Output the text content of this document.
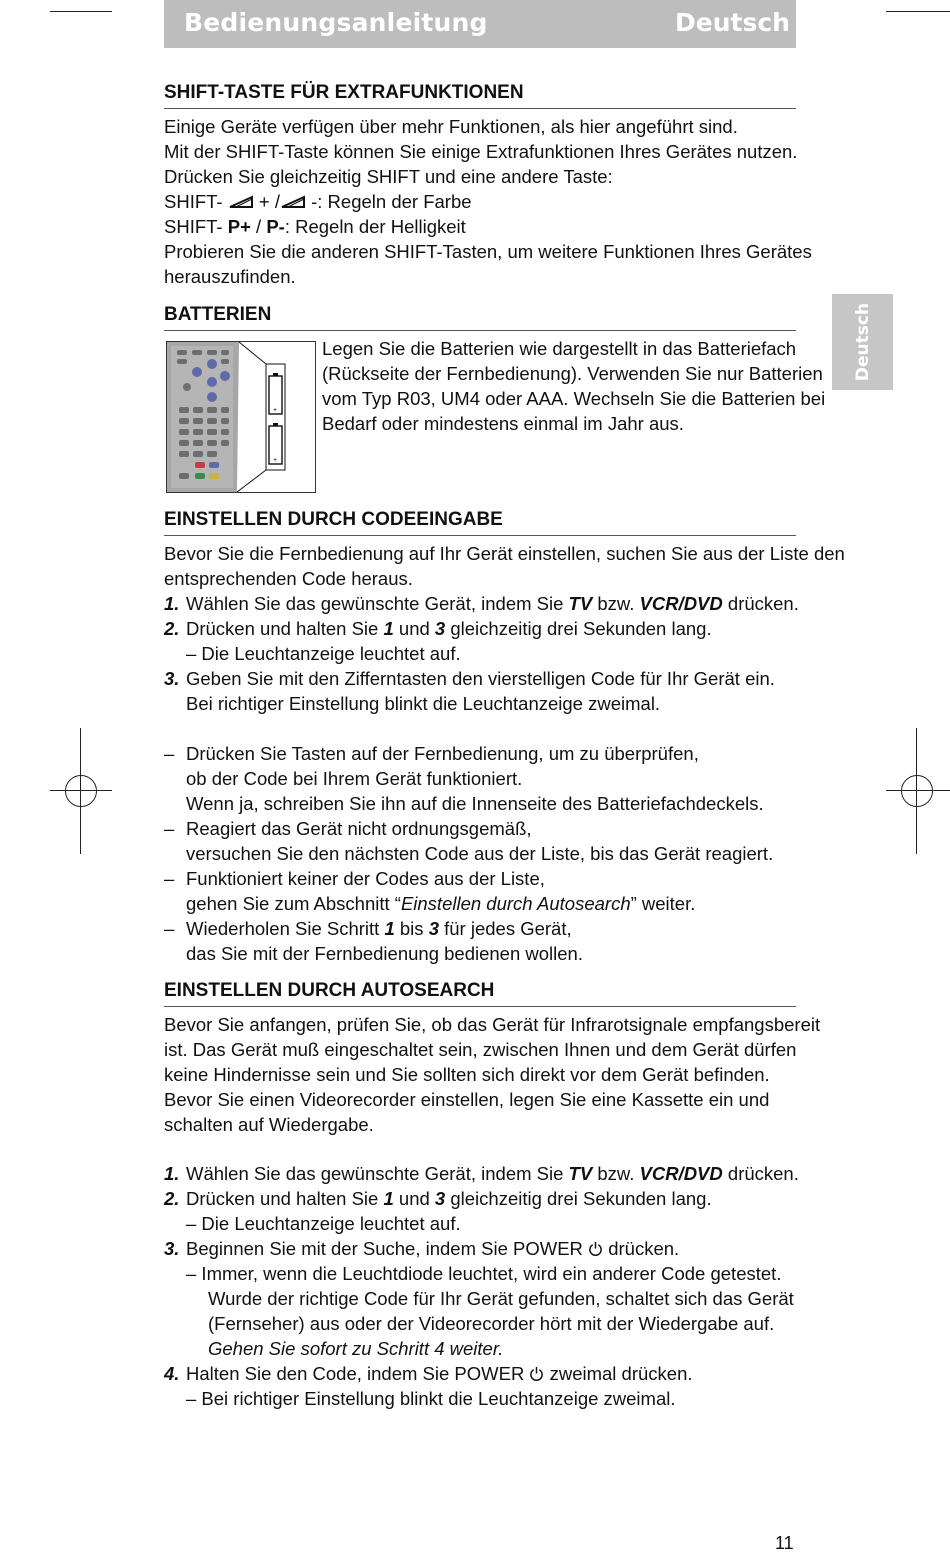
Bedienungsanleitung	Deutsch
Deutsch
SHIFT-TASTE FÜR EXTRAFUNKTIONEN
Einige Geräte verfügen über mehr Funktionen, als hier angeführt sind.
Mit der SHIFT-Taste können Sie einige Extrafunktionen Ihres Gerätes nutzen.
Drücken Sie gleichzeitig SHIFT und eine andere Taste:
SHIFT-  + / -: Regeln der Farbe
SHIFT- P+ / P-: Regeln der Helligkeit
Probieren Sie die anderen SHIFT-Tasten, um weitere Funktionen Ihres Gerätes
herauszufinden.
BATTERIEN
+
+
Legen Sie die Batterien wie dargestellt in das Batteriefach
(Rückseite der Fernbedienung). Verwenden Sie nur Batterien
vom Typ R03, UM4 oder AAA. Wechseln Sie die Batterien bei
Bedarf oder mindestens einmal im Jahr aus.
EINSTELLEN DURCH CODEEINGABE
Bevor Sie die Fernbedienung auf Ihr Gerät einstellen, suchen Sie aus der Liste den
entsprechenden Code heraus.
1. Wählen Sie das gewünschte Gerät, indem Sie TV bzw. VCR/DVD drücken.
2. Drücken und halten Sie 1 und 3 gleichzeitig drei Sekunden lang.
– Die Leuchtanzeige leuchtet auf.
3. Geben Sie mit den Zifferntasten den vierstelligen Code für Ihr Gerät ein.
Bei richtiger Einstellung blinkt die Leuchtanzeige zweimal.
– Drücken Sie Tasten auf der Fernbedienung, um zu überprüfen,
ob der Code bei Ihrem Gerät funktioniert.
Wenn ja, schreiben Sie ihn auf die Innenseite des Batteriefachdeckels.
– Reagiert das Gerät nicht ordnungsgemäß,
versuchen Sie den nächsten Code aus der Liste, bis das Gerät reagiert.
– Funktioniert keiner der Codes aus der Liste,
gehen Sie zum Abschnitt “Einstellen durch Autosearch” weiter.
– Wiederholen Sie Schritt 1 bis 3 für jedes Gerät,
das Sie mit der Fernbedienung bedienen wollen.
EINSTELLEN DURCH AUTOSEARCH
Bevor Sie anfangen, prüfen Sie, ob das Gerät für Infrarotsignale empfangsbereit
ist. Das Gerät muß eingeschaltet sein, zwischen Ihnen und dem Gerät dürfen
keine Hindernisse sein und Sie sollten sich direkt vor dem Gerät befinden.
Bevor Sie einen Videorecorder einstellen, legen Sie eine Kassette ein und
schalten auf Wiedergabe.
1. Wählen Sie das gewünschte Gerät, indem Sie TV bzw. VCR/DVD drücken.
2. Drücken und halten Sie 1 und 3 gleichzeitig drei Sekunden lang.
– Die Leuchtanzeige leuchtet auf.
3. Beginnen Sie mit der Suche, indem Sie POWER  drücken.
– Immer, wenn die Leuchtdiode leuchtet, wird ein anderer Code getestet.
Wurde der richtige Code für Ihr Gerät gefunden, schaltet sich das Gerät
(Fernseher) aus oder der Videorecorder hört mit der Wiedergabe auf.
Gehen Sie sofort zu Schritt 4 weiter.
4. Halten Sie den Code, indem Sie POWER  zweimal drücken.
– Bei richtiger Einstellung blinkt die Leuchtanzeige zweimal.
11
